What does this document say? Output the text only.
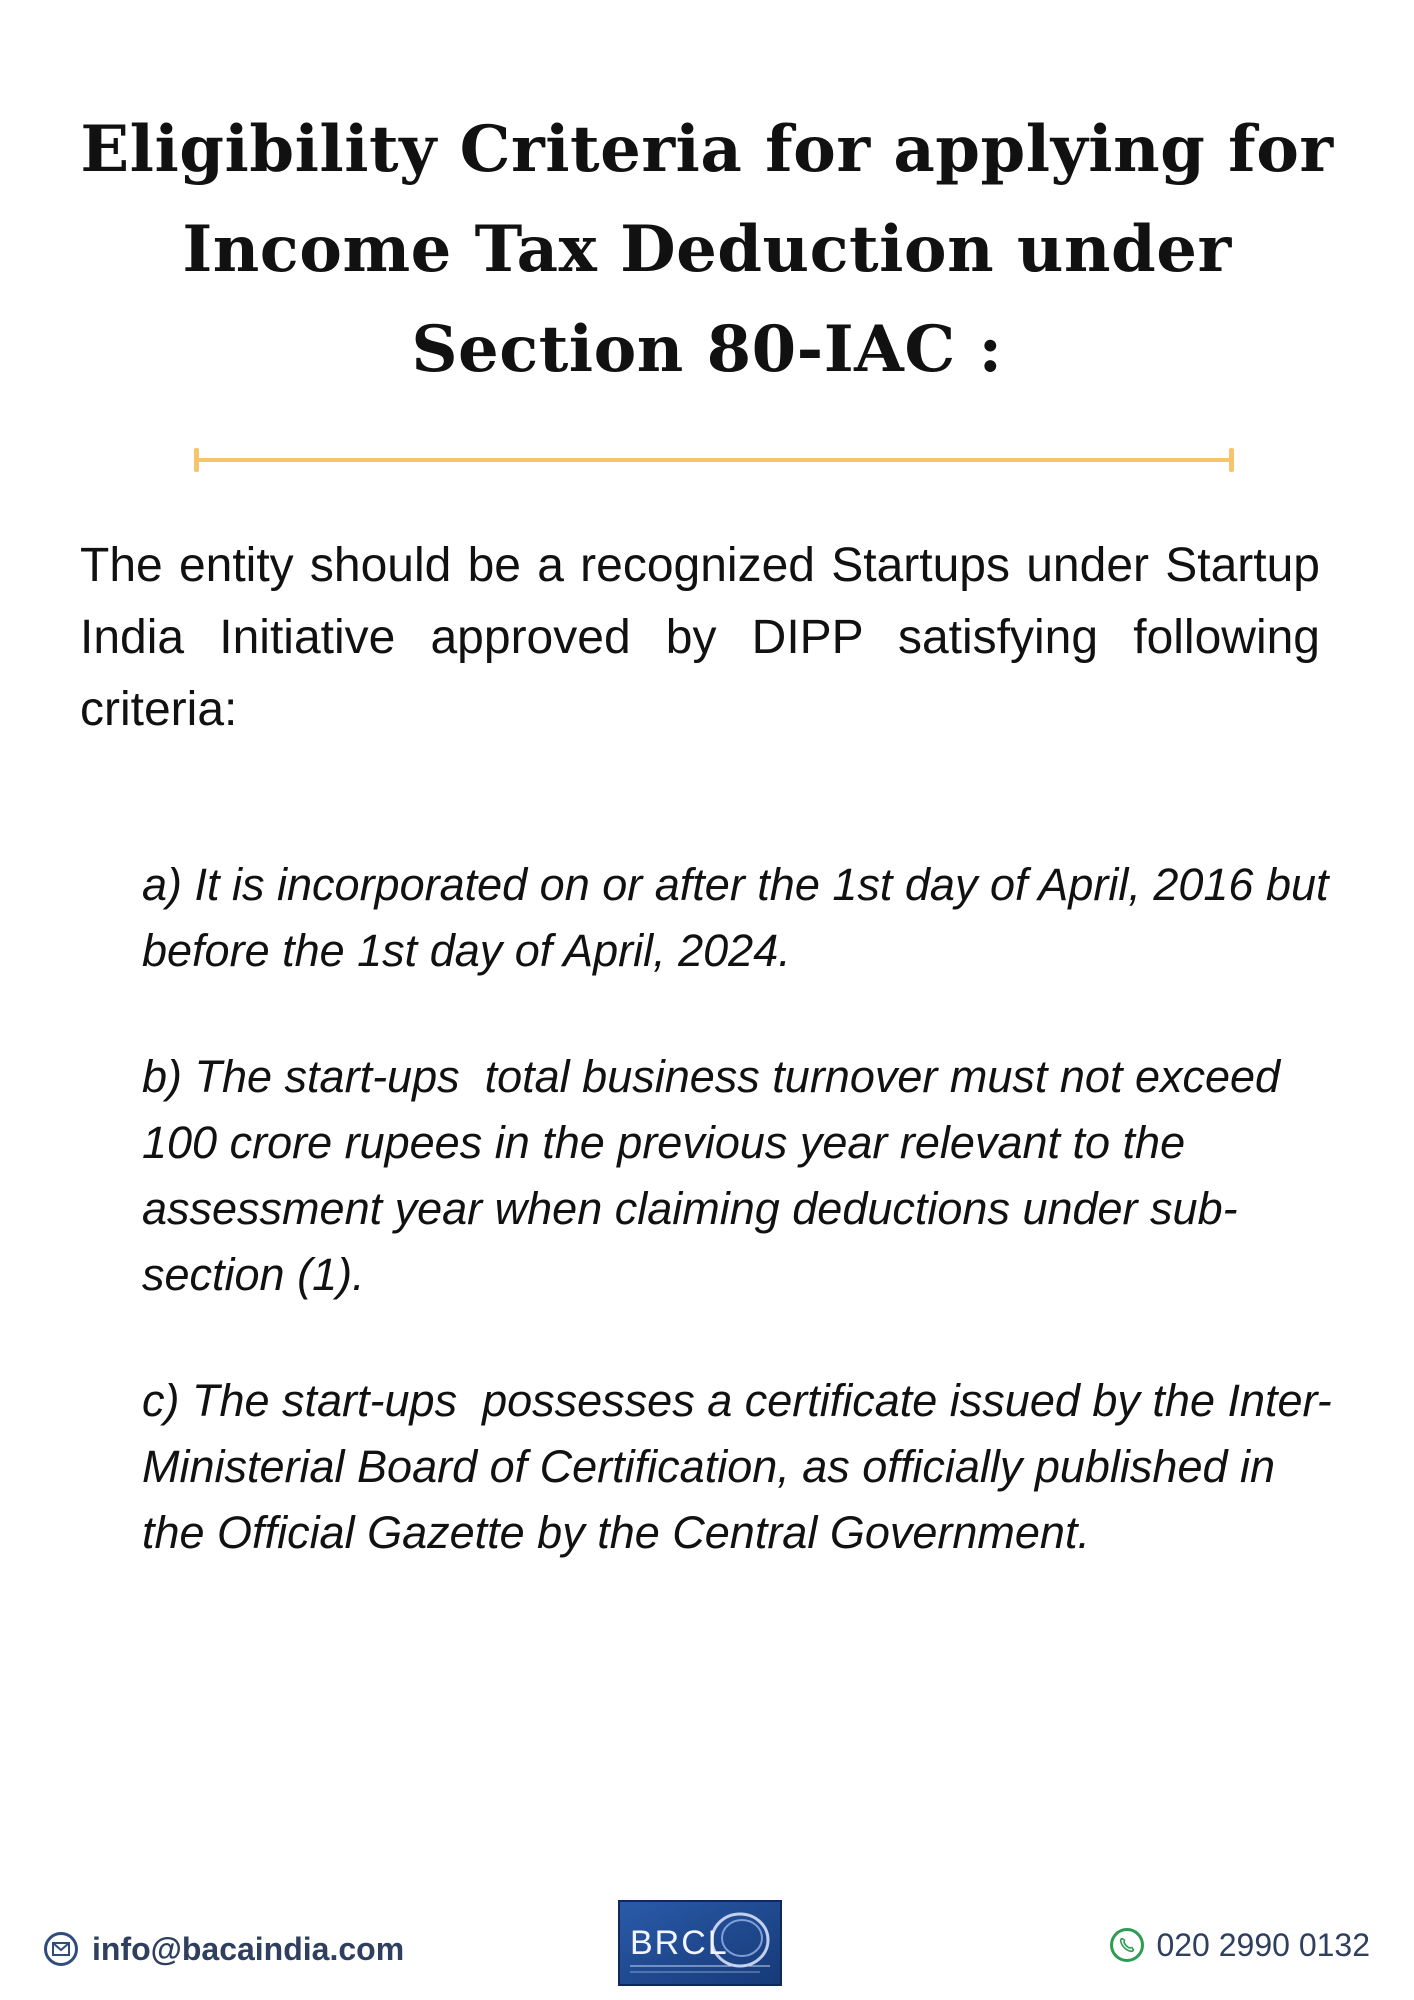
Eligibility Criteria for applying for Income Tax Deduction under Section 80-IAC :

The entity should be a recognized Startups under Startup India Initiative approved by DIPP satisfying following criteria:

a) It is incorporated on or after the 1st day of April, 2016 but before the 1st day of April, 2024.
b) The start-ups  total business turnover must not exceed 100 crore rupees in the previous year relevant to the assessment year when claiming deductions under sub-section (1).
c) The start-ups  possesses a certificate issued by the Inter-Ministerial Board of Certification, as officially published in the Official Gazette by the Central Government.
info@bacaindia.com	BRCL	020 2990 0132
